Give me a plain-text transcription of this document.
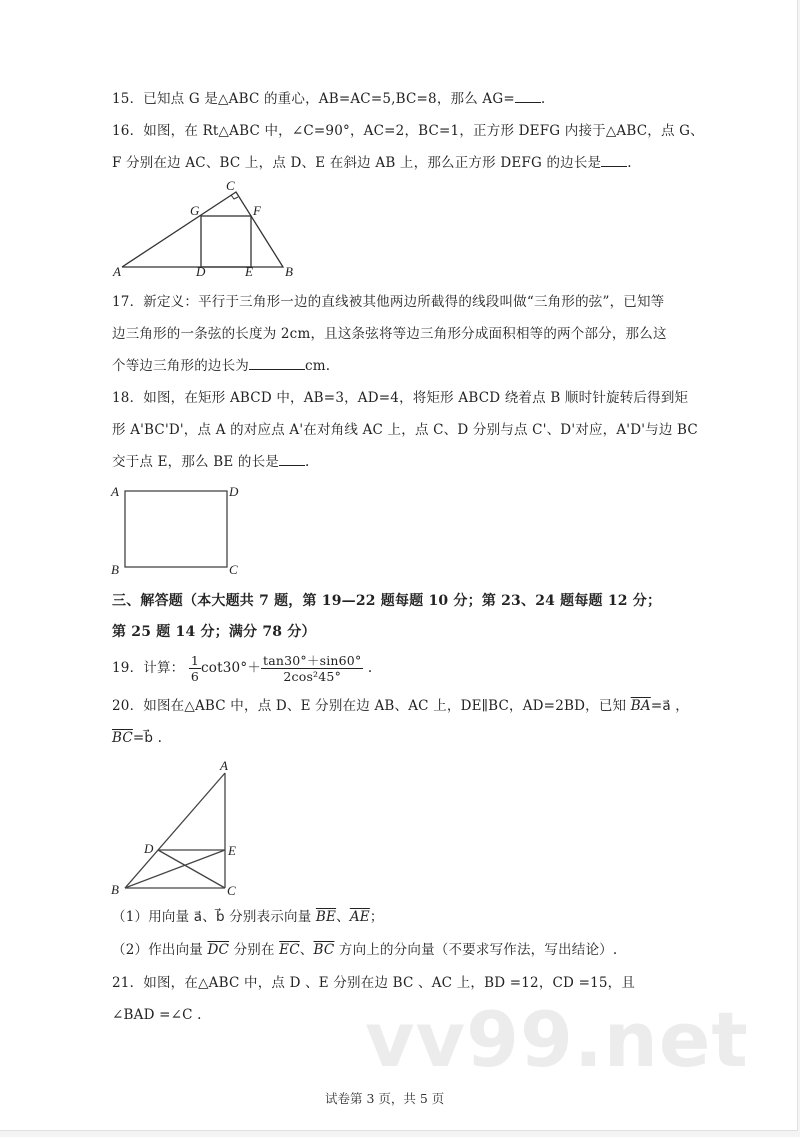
15．已知点 G 是△ABC 的重心，AB=AC=5,BC=8，那么 AG= .
16．如图，在 Rt△ABC 中，∠C=90°，AC=2，BC=1，正方形 DEFG 内接于△ABC，点 G、
F 分别在边 AC、BC 上，点 D、E 在斜边 AB 上，那么正方形 DEFG 的边长是 .
A	B
C
D	E
F
G
17．新定义：平行于三角形一边的直线被其他两边所截得的线段叫做“三角形的弦”，已知等
边三角形的一条弦的长度为 2cm，且这条弦将等边三角形分成面积相等的两个部分，那么这
个等边三角形的边长为	cm.
18．如图，在矩形 ABCD 中，AB=3，AD=4，将矩形 ABCD 绕着点 B 顺时针旋转后得到矩
形 A'BC'D'，点 A 的对应点 A'在对角线 AC 上，点 C、D 分别与点 C'、D'对应，A'D'与边 BC
交于点 E，那么 BE 的长是 .
A	D
B	C
三、解答题（本大题共 7 题，第 19—22 题每题 10 分；第 23、24 题每题 12 分；
第 25 题 14 分；满分 78 分）
19．计算： $\frac{1}{6} \cot 30^\circ+ \frac{\tan 30^\circ+\sin 60^\circ}{\text{2cos²45°}}$ .
20．如图在△ABC 中，点 D、E 分别在边 AB、AC 上，DE∥BC，AD=2BD，已知 $\overline{BA}=a⃗$ ，
$\overline{BC}=b⃗$ .
A
B	C
D	E
（1）用向量 a⃗、b⃗ 分别表示向量 $\overline{BE}$、$\overline{AE}$；
（2）作出向量 $\overline{DC}$ 分别在 $\overline{EC}$、$\overline{BC}$ 方向上的分向量（不要求写作法，写出结论）.
21．如图，在△ABC 中，点 D 、E 分别在边 BC 、AC 上，BD =12，CD =15，且
∠BAD =∠C . vv99.net
试卷第 3 页，共 5 页
